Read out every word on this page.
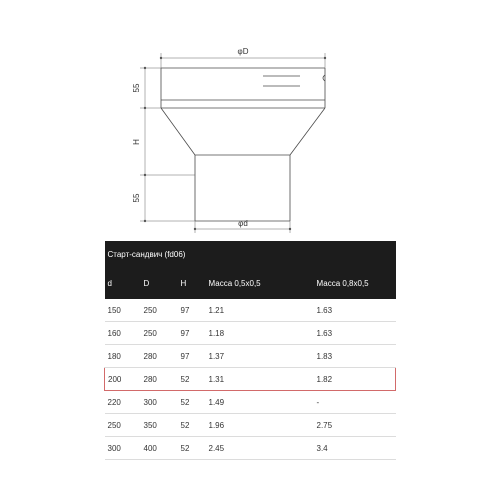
φD
φd
55
H
55
Старт-сандвич (fd06)				
d	D	H	Масса 0,5х0,5	Масса 0,8х0,5
150	250	97	1.21	1.63
160	250	97	1.18	1.63
180	280	97	1.37	1.83
200	280	52	1.31	1.82
220	300	52	1.49	-
250	350	52	1.96	2.75
300	400	52	2.45	3.4
